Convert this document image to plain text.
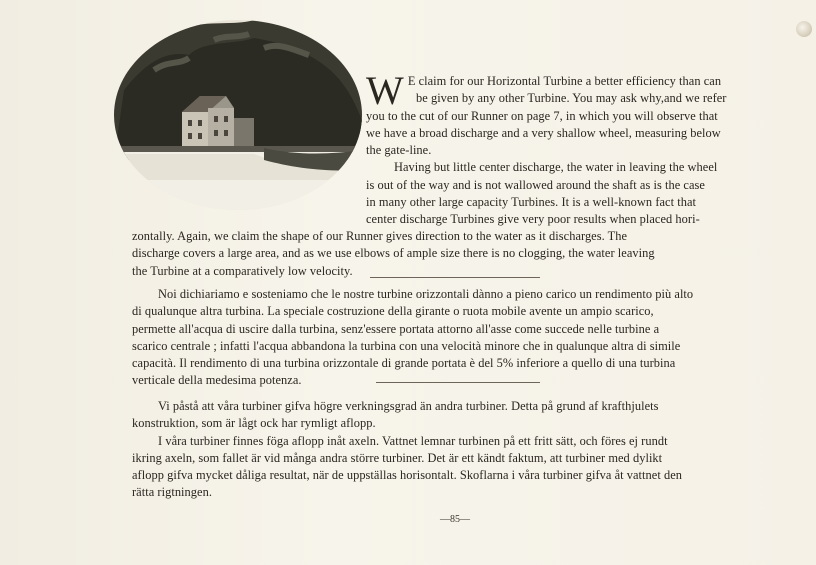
W E claim for our Horizontal Turbine a better efficiency than can
be given by any other Turbine. You may ask why,and we refer
you to the cut of our Runner on page 7, in which you will observe that
we have a broad discharge and a very shallow wheel, measuring below
the gate-line.
Having but little center discharge, the water in leaving the wheel
is out of the way and is not wallowed around the shaft as is the case
in many other large capacity Turbines. It is a well-known fact that
center discharge Turbines give very poor results when placed hori-
zontally. Again, we claim the shape of our Runner gives direction to the water as it discharges. The
discharge covers a large area, and as we use elbows of ample size there is no clogging, the water leaving
the Turbine at a comparatively low velocity.
Noi dichiariamo e sosteniamo che le nostre turbine orizzontali dànno a pieno carico un rendimento più alto
di qualunque altra turbina. La speciale costruzione della girante o ruota mobile avente un ampio scarico,
permette all'acqua di uscire dalla turbina, senz'essere portata attorno all'asse come succede nelle turbine a
scarico centrale ; infatti l'acqua abbandona la turbina con una velocità minore che in qualunque altra di simile
capacità. Il rendimento di una turbina orizzontale di grande portata è del 5% inferiore a quello di una turbina
verticale della medesima potenza.
Vi påstå att våra turbiner gifva högre verkningsgrad än andra turbiner. Detta på grund af krafthjulets
konstruktion, som är lågt ock har rymligt aflopp.
I våra turbiner finnes föga aflopp inåt axeln. Vattnet lemnar turbinen på ett fritt sätt, och föres ej rundt
ikring axeln, som fallet är vid många andra större turbiner. Det är ett kändt faktum, att turbiner med dylikt
aflopp gifva mycket dåliga resultat, när de uppställas horisontalt. Skoflarna i våra turbiner gifva åt vattnet den
rätta rigtningen.
—85—
